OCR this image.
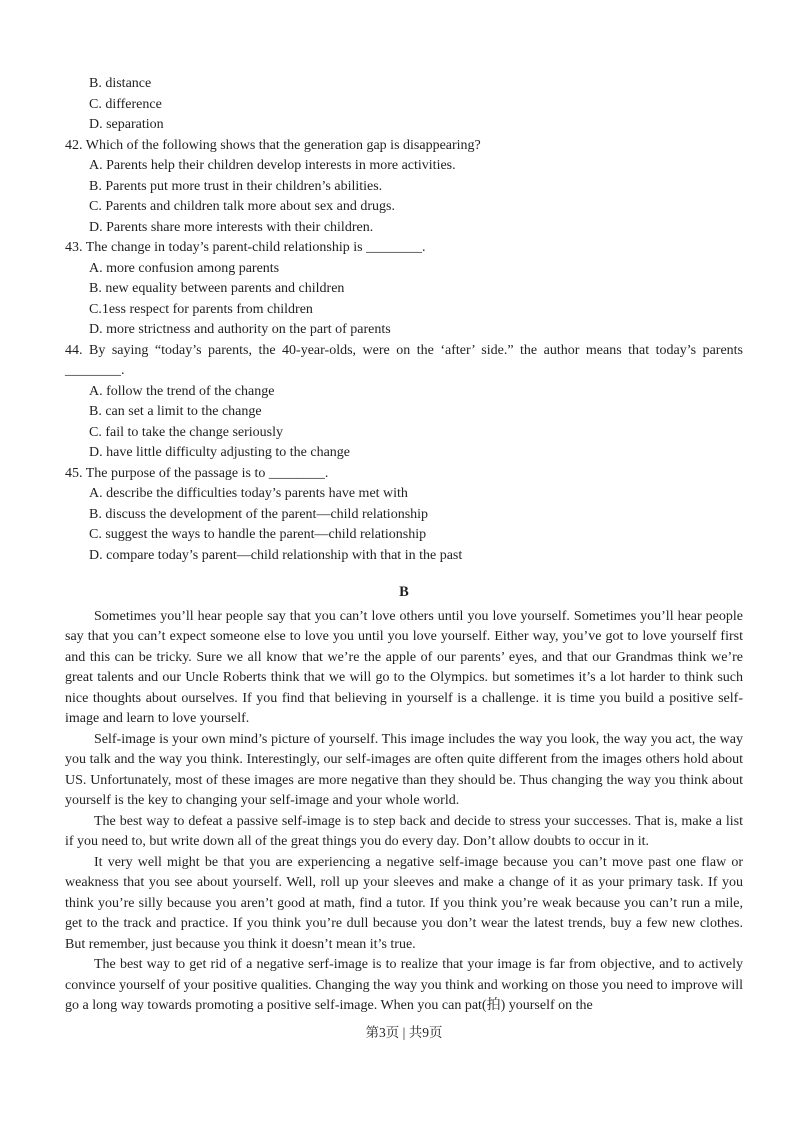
B. distance
C. difference
D. separation
42. Which of the following shows that the generation gap is disappearing?
A. Parents help their children develop interests in more activities.
B. Parents put more trust in their children’s abilities.
C. Parents and children talk more about sex and drugs.
D. Parents share more interests with their children.
43. The change in today’s parent-child relationship is ________.
A. more confusion among parents
B. new equality between parents and children
C.1ess respect for parents from children
D. more strictness and authority on the part of parents
44. By saying “today’s parents, the 40-year-olds, were on the ‘after’ side.” the author means that today’s parents ________.
A. follow the trend of the change
B. can set a limit to the change
C. fail to take the change seriously
D. have little difficulty adjusting to the change
45. The purpose of the passage is to ________.
A. describe the difficulties today’s parents have met with
B. discuss the development of the parent—child relationship
C. suggest the ways to handle the parent—child relationship
D. compare today’s parent—child relationship with that in the past
B

Sometimes you’ll hear people say that you can’t love others until you love yourself. Sometimes you’ll hear people say that you can’t expect someone else to love you until you love yourself. Either way, you’ve got to love yourself first and this can be tricky. Sure we all know that we’re the apple of our parents’ eyes, and that our Grandmas think we’re great talents and our Uncle Roberts think that we will go to the Olympics. but sometimes it’s a lot harder to think such nice thoughts about ourselves. If you find that believing in yourself is a challenge. it is time you build a positive self-image and learn to love yourself.

Self-image is your own mind’s picture of yourself. This image includes the way you look, the way you act, the way you talk and the way you think. Interestingly, our self-images are often quite different from the images others hold about US. Unfortunately, most of these images are more negative than they should be. Thus changing the way you think about yourself is the key to changing your self-image and your whole world.

The best way to defeat a passive self-image is to step back and decide to stress your successes. That is, make a list if you need to, but write down all of the great things you do every day. Don’t allow doubts to occur in it.

It very well might be that you are experiencing a negative self-image because you can’t move past one flaw or weakness that you see about yourself. Well, roll up your sleeves and make a change of it as your primary task. If you think you’re silly because you aren’t good at math, find a tutor. If you think you’re weak because you can’t run a mile, get to the track and practice. If you think you’re dull because you don’t wear the latest trends, buy a few new clothes. But remember, just because you think it doesn’t mean it’s true.

The best way to get rid of a negative serf-image is to realize that your image is far from objective, and to actively convince yourself of your positive qualities. Changing the way you think and working on those you need to improve will go a long way towards promoting a positive self-image. When you can pat(拍) yourself on the

第3页 | 共9页
